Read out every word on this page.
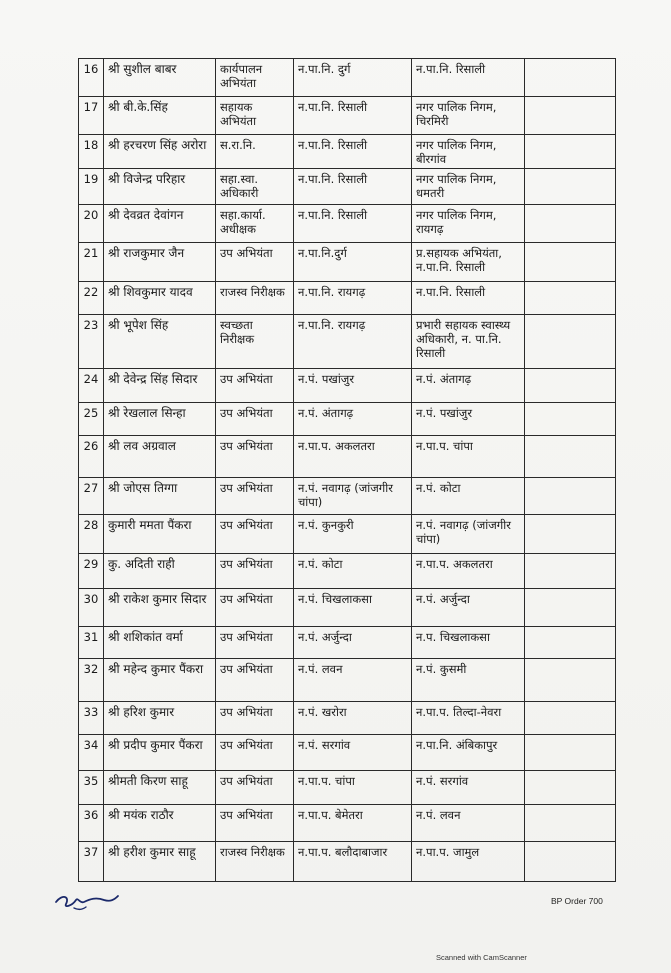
16	श्री सुशील बाबर	कार्यपालन अभियंता	न.पा.नि. दुर्ग	न.पा.नि. रिसाली	
17	श्री बी.के.सिंह	सहायक अभियंता	न.पा.नि. रिसाली	नगर पालिक निगम, चिरमिरी	
18	श्री हरचरण सिंह अरोरा	स.रा.नि.	न.पा.नि. रिसाली	नगर पालिक निगम, बीरगांव	
19	श्री विजेन्द्र परिहार	सहा.स्वा. अधिकारी	न.पा.नि. रिसाली	नगर पालिक निगम, धमतरी	
20	श्री देवव्रत देवांगन	सहा.कार्या. अधीक्षक	न.पा.नि. रिसाली	नगर पालिक निगम, रायगढ़	
21	श्री राजकुमार जैन	उप अभियंता	न.पा.नि.दुर्ग	प्र.सहायक अभियंता, न.पा.नि. रिसाली	
22	श्री शिवकुमार यादव	राजस्व निरीक्षक	न.पा.नि. रायगढ़	न.पा.नि. रिसाली	
23	श्री भूपेश सिंह	स्वच्छता निरीक्षक	न.पा.नि. रायगढ़	प्रभारी सहायक स्वास्थ्य अधिकारी, न. पा.नि. रिसाली	
24	श्री देवेन्द्र सिंह सिदार	उप अभियंता	न.पं. पखांजुर	न.पं. अंतागढ़	
25	श्री रेखलाल सिन्हा	उप अभियंता	न.पं. अंतागढ़	न.पं. पखांजुर	
26	श्री लव अग्रवाल	उप अभियंता	न.पा.प. अकलतरा	न.पा.प. चांपा	
27	श्री जोएस तिग्गा	उप अभियंता	न.पं. नवागढ़ (जांजगीर चांपा)	न.पं. कोटा	
28	कुमारी ममता पैंकरा	उप अभियंता	न.पं. कुनकुरी	न.पं. नवागढ़ (जांजगीर चांपा)	
29	कु. अदिती राही	उप अभियंता	न.पं. कोटा	न.पा.प. अकलतरा	
30	श्री राकेश कुमार सिदार	उप अभियंता	न.पं. चिखलाकसा	न.पं. अर्जुन्दा	
31	श्री शशिकांत वर्मा	उप अभियंता	न.पं. अर्जुन्दा	न.प. चिखलाकसा	
32	श्री महेन्द कुमार पैंकरा	उप अभियंता	न.पं. लवन	न.पं. कुसमी	
33	श्री हरिश कुमार	उप अभियंता	न.पं. खरोरा	न.पा.प. तिल्दा-नेवरा	
34	श्री प्रदीप कुमार पैंकरा	उप अभियंता	न.पं. सरगांव	न.पा.नि. अंबिकापुर	
35	श्रीमती किरण साहू	उप अभियंता	न.पा.प. चांपा	न.पं. सरगांव	
36	श्री मयंक राठौर	उप अभियंता	न.पा.प. बेमेतरा	न.पं. लवन	
37	श्री हरीश कुमार साहू	राजस्व निरीक्षक	न.पा.प. बलौदाबाजार	न.पा.प. जामुल	
BP Order 700
Scanned with CamScanner
